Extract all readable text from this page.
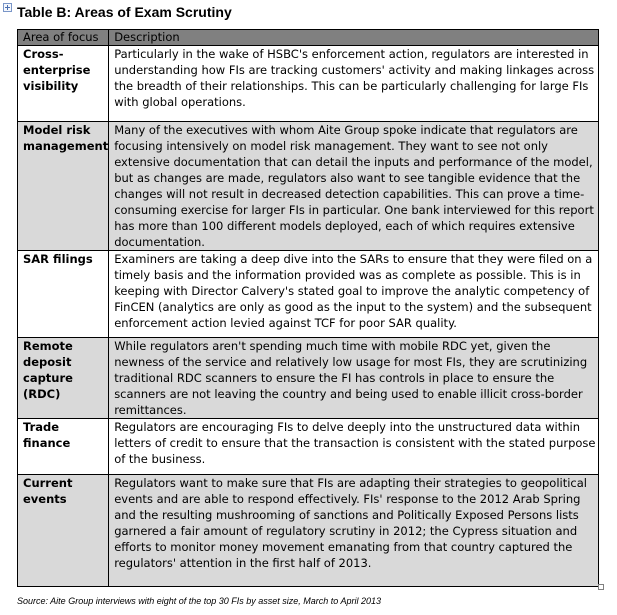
Table B: Areas of Exam Scrutiny
Area of focus	Description
Cross-enterprise visibility	Particularly in the wake of HSBC's enforcement action, regulators are interested in understanding how FIs are tracking customers' activity and making linkages across the breadth of their relationships. This can be particularly challenging for large FIs with global operations.
Model risk management	Many of the executives with whom Aite Group spoke indicate that regulators are focusing intensively on model risk management. They want to see not only extensive documentation that can detail the inputs and performance of the model, but as changes are made, regulators also want to see tangible evidence that the changes will not result in decreased detection capabilities. This can prove a time-consuming exercise for larger FIs in particular. One bank interviewed for this report has more than 100 different models deployed, each of which requires extensive documentation.
SAR filings	Examiners are taking a deep dive into the SARs to ensure that they were filed on a timely basis and the information provided was as complete as possible. This is in keeping with Director Calvery's stated goal to improve the analytic competency of FinCEN (analytics are only as good as the input to the system) and the subsequent enforcement action levied against TCF for poor SAR quality.
Remote deposit capture (RDC)	While regulators aren't spending much time with mobile RDC yet, given the newness of the service and relatively low usage for most FIs, they are scrutinizing traditional RDC scanners to ensure the FI has controls in place to ensure the scanners are not leaving the country and being used to enable illicit cross-border remittances.
Trade finance	Regulators are encouraging FIs to delve deeply into the unstructured data within letters of credit to ensure that the transaction is consistent with the stated purpose of the business.
Current events	Regulators want to make sure that FIs are adapting their strategies to geopolitical events and are able to respond effectively. FIs' response to the 2012 Arab Spring and the resulting mushrooming of sanctions and Politically Exposed Persons lists garnered a fair amount of regulatory scrutiny in 2012; the Cypress situation and efforts to monitor money movement emanating from that country captured the regulators' attention in the first half of 2013.
Source: Aite Group interviews with eight of the top 30 FIs by asset size, March to April 2013
